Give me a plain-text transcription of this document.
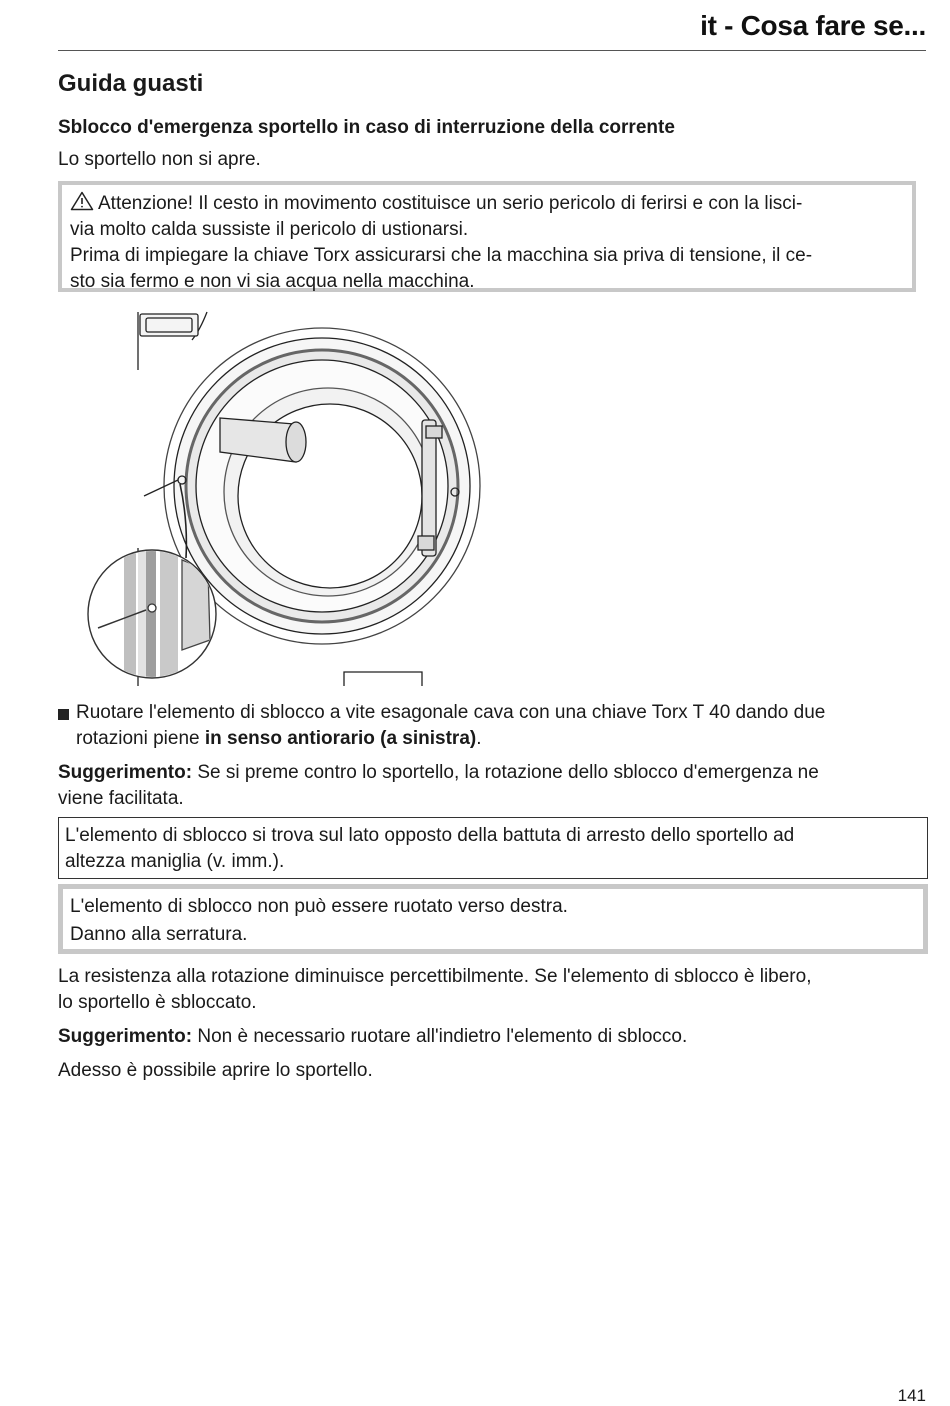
it - Cosa fare se...
Guida guasti
Sblocco d'emergenza sportello in caso di interruzione della corrente
Lo sportello non si apre.
Attenzione! Il cesto in movimento costituisce un serio pericolo di ferirsi e con la lisci-
via molto calda sussiste il pericolo di ustionarsi.
Prima di impiegare la chiave Torx assicurarsi che la macchina sia priva di tensione, il ce-
sto sia fermo e non vi sia acqua nella macchina.
Ruotare l'elemento di sblocco a vite esagonale cava con una chiave Torx T 40 dando due
rotazioni piene in senso antiorario (a sinistra).
Suggerimento: Se si preme contro lo sportello, la rotazione dello sblocco d'emergenza ne
viene facilitata.
L'elemento di sblocco si trova sul lato opposto della battuta di arresto dello sportello ad
altezza maniglia (v. imm.).
L'elemento di sblocco non può essere ruotato verso destra.
Danno alla serratura.
La resistenza alla rotazione diminuisce percettibilmente. Se l'elemento di sblocco è libero,
lo sportello è sbloccato.
Suggerimento: Non è necessario ruotare all'indietro l'elemento di sblocco.
Adesso è possibile aprire lo sportello.
141
